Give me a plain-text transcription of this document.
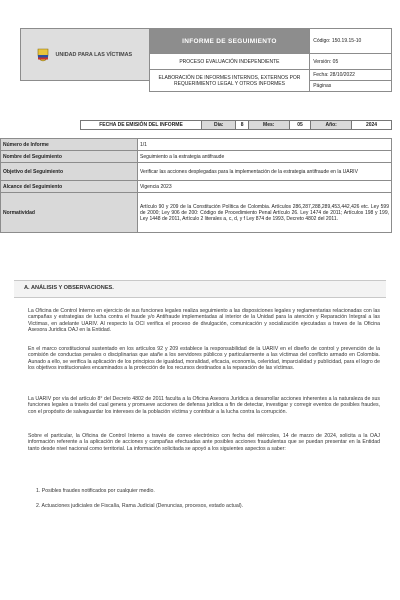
UNIDAD PARA LAS VÍCTIMAS	INFORME DE SEGUIMIENTO	Código: 150.19.15-10
	PROCESO EVALUACIÓN INDEPENDIENTE	Versión: 05
	ELABORACIÓN DE INFORMES INTERNOS, EXTERNOS POR REQUERIMIENTO LEGAL Y OTROS INFORMES	Fecha: 28/10/2022
		Páginas
FECHA DE EMISIÓN DEL INFORME	Día:	8	Mes:	05	Año:	2024
Número de Informe	1/1
Nombre del Seguimiento	Seguimiento a la estrategia antifraude
Objetivo del Seguimiento	Verificar las acciones desplegadas para la implementación de la estrategia antifraude en la UARIV
Alcance del Seguimiento	Vigencia 2023
Normatividad	Artículo 90 y 209 de la Constitución Política de Colombia. Artículos 286,287,288,289,453,442,426 etc. Ley 599 de 2000; Ley 906 de 200: Código de Procedimiento Penal Artículo 26. Ley 1474 de 2011; Artículos 198 y 199, Ley 1448 de 2011, Artículo 2 literales a, c, d, y f Ley 874 de 1993, Decreto 4802 del 2011.
A. ANÁLISIS Y OBSERVACIONES.
La Oficina de Control Interno en ejercicio de sus funciones legales realiza seguimiento a las disposiciones legales y reglamentarias relacionadas con las campañas y estrategias de lucha contra el fraude y/o Antifraude implementadas al interior de la Unidad para la atención y Reparación Integral a las Victimas, en adelante UARIV. Al respecto la OCI verifica el proceso de divulgación, comunicación y socialización ejecutadas a traves de la Oficina Asesora Juridica OAJ en la Entidad.
En el marco constitucional sustentado en los artículos 92 y 209 establece la responsabilidad de la UARIV en el diseño de control y prevención de la comisión de conductas penales o disciplinarias que atañe a los servidores públicos y particularmente a las víctimas del conflicto armado en Colombia. Aunado a ello, se verifica la aplicación de los principios de igualdad, moralidad, eficacia, economía, celeridad, imparcialidad y publicidad, para el logro de los objetivos institucionales encaminados a la protección de los recursos destinados a la reparación de las víctimas.
La UARIV por vía del artículo 8° del Decreto 4802 de 2011 faculta a la Oficina Asesora Jurídica a desarrollar acciones inherentes a la naturaleza de sus funciones legales a través del cual genera y promueve acciones de defensa jurídica a fin de detectar, investigar y corregir eventos de posibles fraudes, con el propósito de salvaguardar los intereses de la población víctima y contribuir a la lucha contra la corrupción.
Sobre el particular, la Oficina de Control Interno a través de correo electrónico con fecha del miércoles, 14 de marzo de 2024, solicita a la OAJ información referente a la aplicación de acciones y campañas efectuadas ante posibles acciones fraudulentas que se puedan presentar en la Entidad tanto desde nivel nacional como territorial. La información solicitada se apoyó a los siguientes aspectos a saber:
1. Posibles fraudes notificados por cualquier medio.
2. Actuaciones judiciales de Fiscalía, Rama Judicial (Denuncias, procesos, estado actual).
